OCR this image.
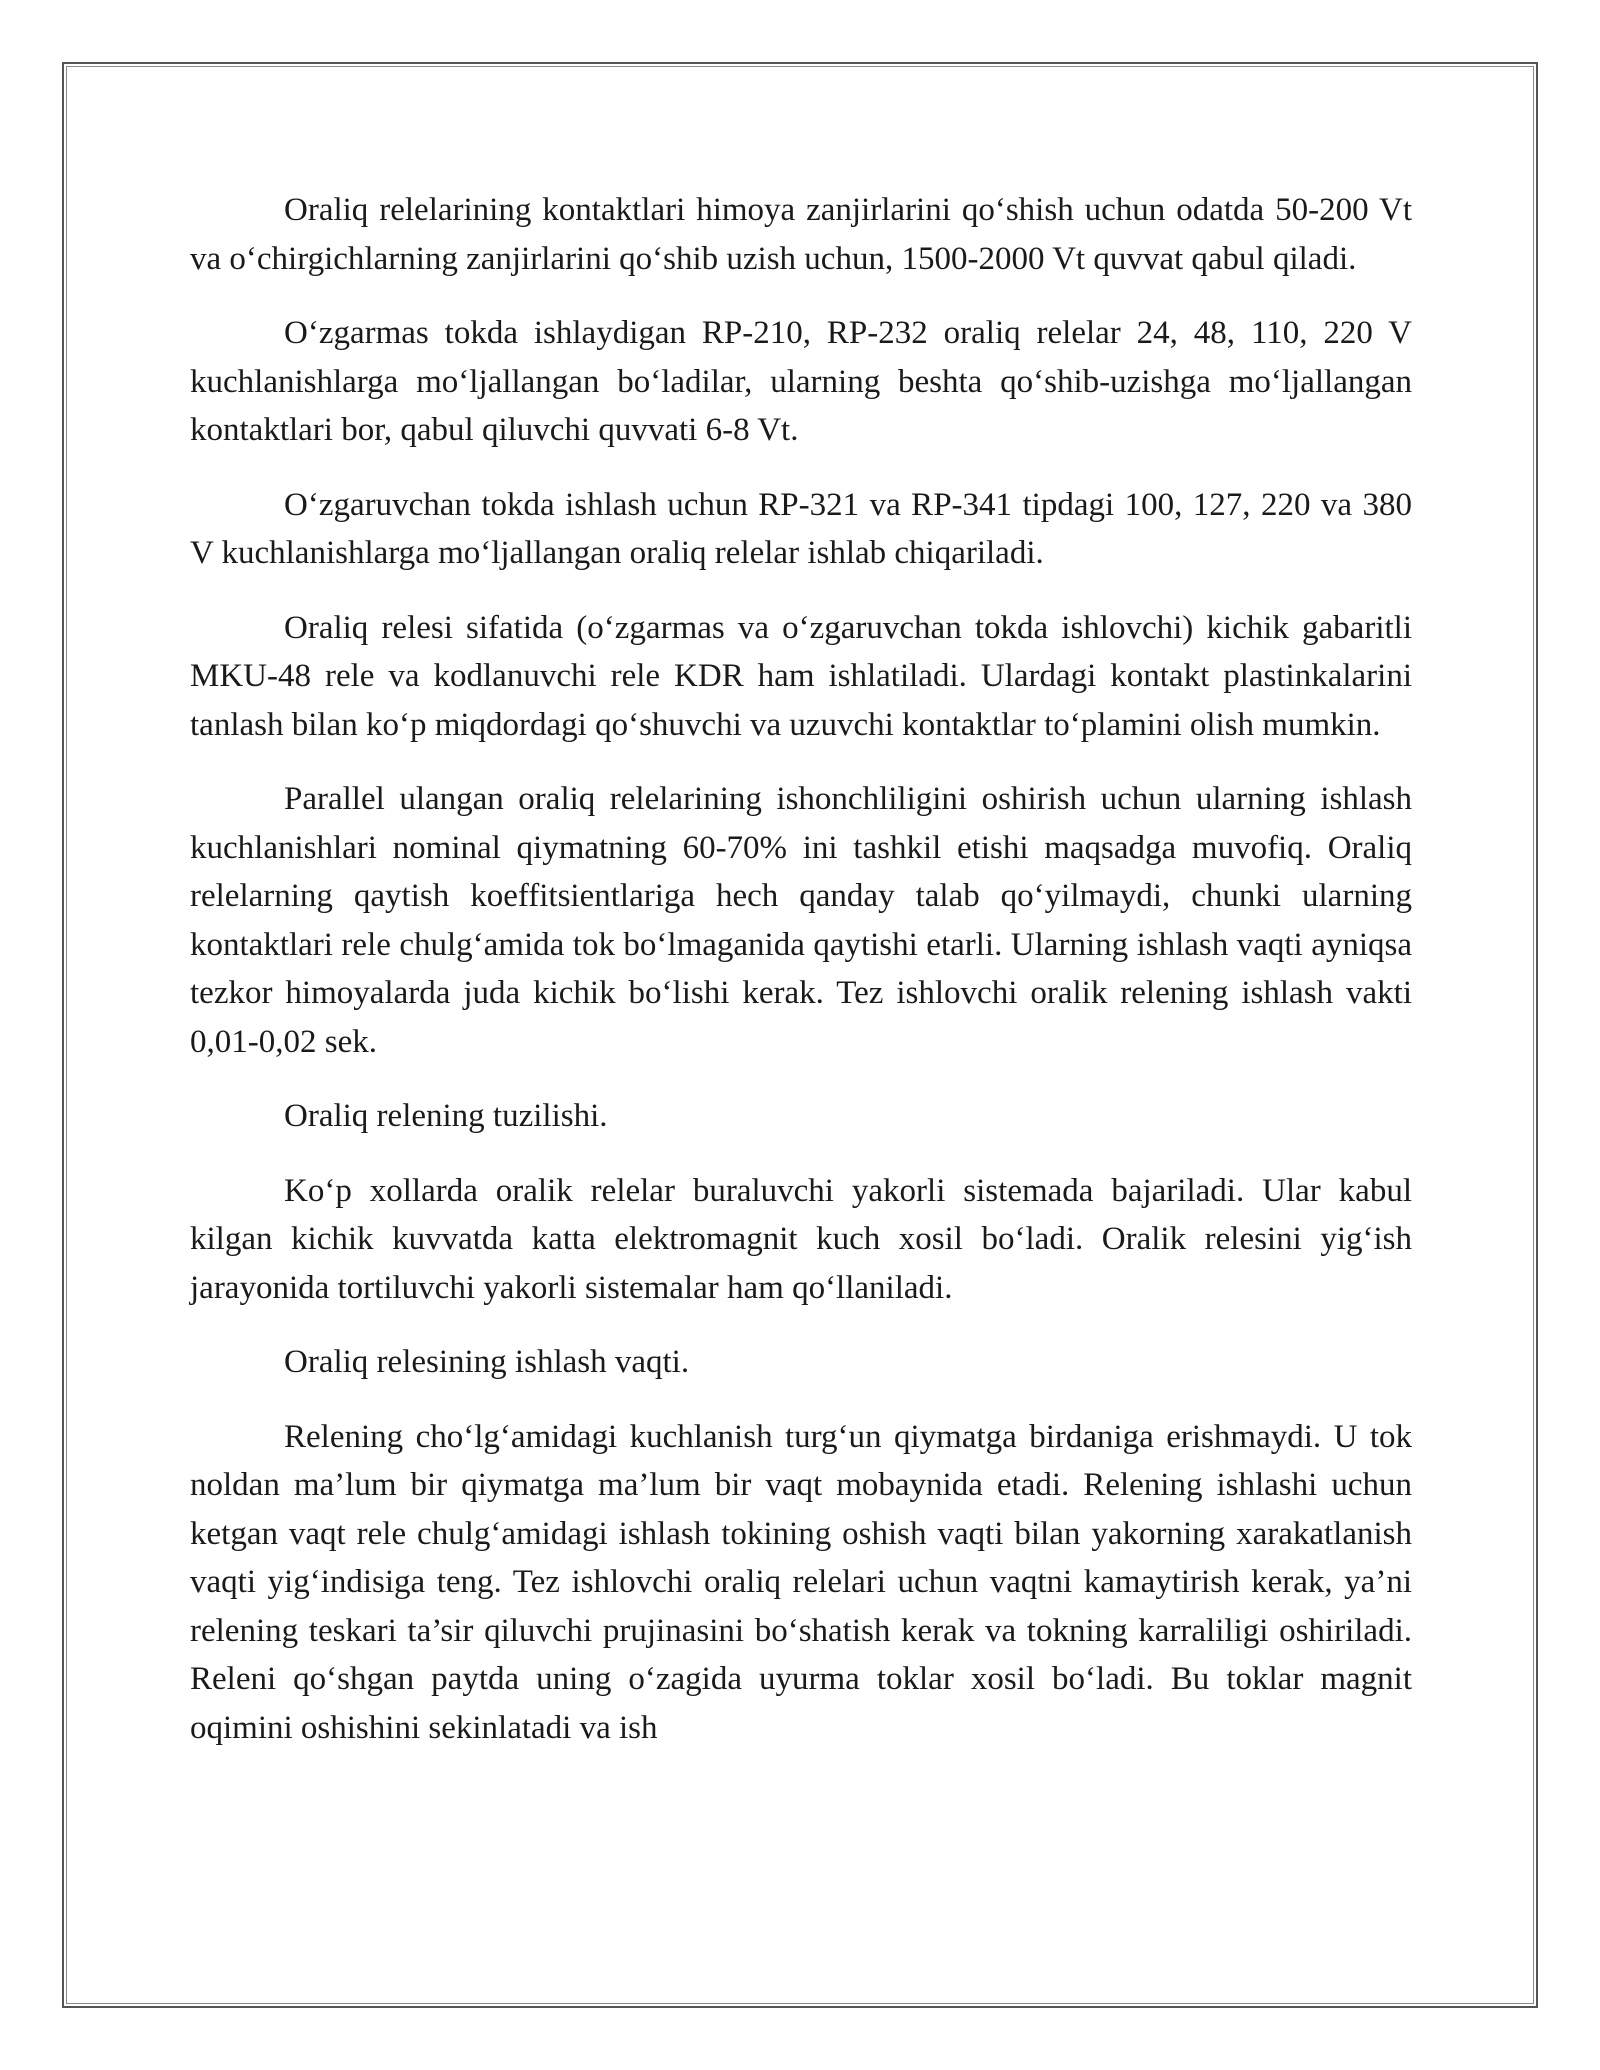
Oraliq relelarining kontaktlari himoya zanjirlarini qo‘shish uchun odatda 50-200 Vt va o‘chirgichlarning zanjirlarini qo‘shib uzish uchun, 1500-2000 Vt quvvat qabul qiladi.

O‘zgarmas tokda ishlaydigan RP-210, RP-232 oraliq relelar 24, 48, 110, 220 V kuchlanishlarga mo‘ljallangan bo‘ladilar, ularning beshta qo‘shib-uzishga mo‘ljallangan kontaktlari bor, qabul qiluvchi quvvati 6-8 Vt.

O‘zgaruvchan tokda ishlash uchun RP-321 va RP-341 tipdagi 100, 127, 220 va 380 V kuchlanishlarga mo‘ljallangan oraliq relelar ishlab chiqariladi.

Oraliq relesi sifatida (o‘zgarmas va o‘zgaruvchan tokda ishlovchi) kichik gabaritli MKU-48 rele va kodlanuvchi rele KDR ham ishlatiladi. Ulardagi kontakt plastinkalarini tanlash bilan ko‘p miqdordagi qo‘shuvchi va uzuvchi kontaktlar to‘plamini olish mumkin.

Parallel ulangan oraliq relelarining ishonchliligini oshirish uchun ularning ishlash kuchlanishlari nominal qiymatning 60-70% ini tashkil etishi maqsadga muvofiq. Oraliq relelarning qaytish koeffitsientlariga hech qanday talab qo‘yilmaydi, chunki ularning kontaktlari rele chulg‘amida tok bo‘lmaganida qaytishi etarli. Ularning ishlash vaqti ayniqsa tezkor himoyalarda juda kichik bo‘lishi kerak. Tez ishlovchi oralik relening ishlash vakti 0,01-0,02 sek.

Oraliq relening tuzilishi.

Ko‘p xollarda oralik relelar buraluvchi yakorli sistemada bajariladi. Ular kabul kilgan kichik kuvvatda katta elektromagnit kuch xosil bo‘ladi. Oralik relesini yig‘ish jarayonida tortiluvchi yakorli sistemalar ham qo‘llaniladi.

Oraliq relesining ishlash vaqti.

Relening cho‘lg‘amidagi kuchlanish turg‘un qiymatga birdaniga erishmaydi. U tok noldan ma’lum bir qiymatga ma’lum bir vaqt mobaynida etadi. Relening ishlashi uchun ketgan vaqt rele chulg‘amidagi ishlash tokining oshish vaqti bilan yakorning xarakatlanish vaqti yig‘indisiga teng. Tez ishlovchi oraliq relelari uchun vaqtni kamaytirish kerak, ya’ni relening teskari ta’sir qiluvchi prujinasini bo‘shatish kerak va tokning karraliligi oshiriladi. Releni qo‘shgan paytda uning o‘zagida uyurma toklar xosil bo‘ladi. Bu toklar magnit oqimini oshishini sekinlatadi va ish
